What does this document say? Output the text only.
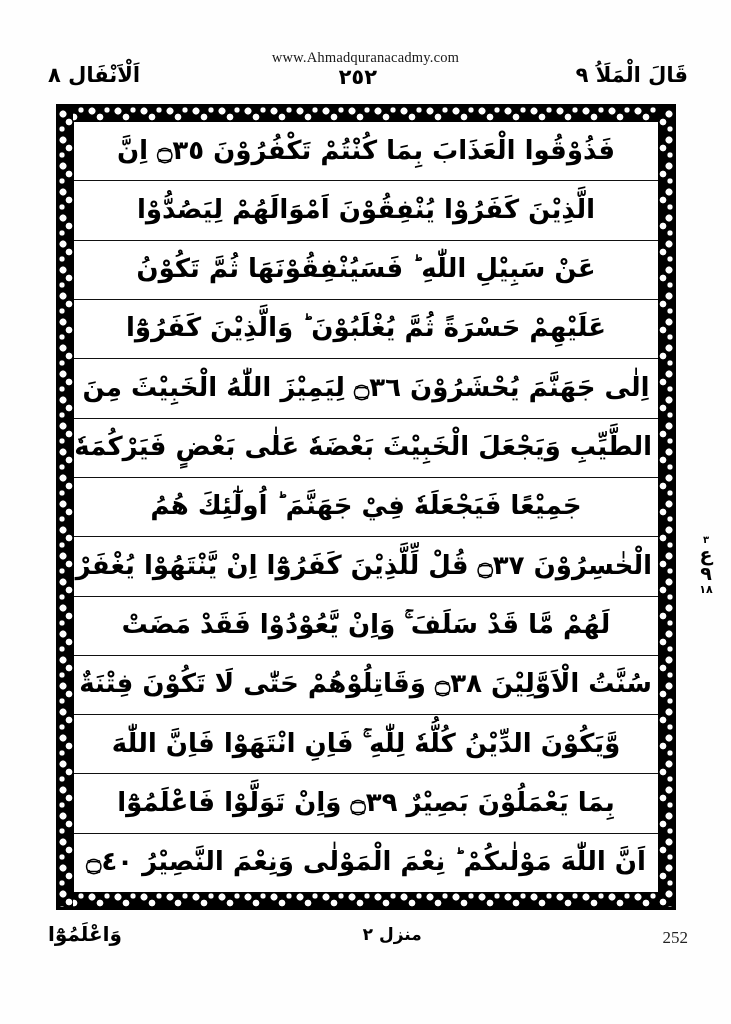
www.Ahmadquranacadmy.com
اَلْاَنْفَال ٨	٢٥٢	قَالَ الْمَلَاُ ٩
فَذُوْقُوا الْعَذَابَ بِمَا كُنْتُمْ تَكْفُرُوْنَ ۝٣٥ اِنَّ
الَّذِيْنَ كَفَرُوْا يُنْفِقُوْنَ اَمْوَالَهُمْ لِيَصُدُّوْا
عَنْ سَبِيْلِ اللّٰهِ ؕ فَسَيُنْفِقُوْنَهَا ثُمَّ تَكُوْنُ
عَلَيْهِمْ حَسْرَةً ثُمَّ يُغْلَبُوْنَ ؕ وَالَّذِيْنَ كَفَرُوْٓا
اِلٰى جَهَنَّمَ يُحْشَرُوْنَ ۝٣٦ لِيَمِيْزَ اللّٰهُ الْخَبِيْثَ مِنَ
الطَّيِّبِ وَيَجْعَلَ الْخَبِيْثَ بَعْضَهٗ عَلٰى بَعْضٍ فَيَرْكُمَهٗ
جَمِيْعًا فَيَجْعَلَهٗ فِيْ جَهَنَّمَ ؕ اُولٰٓئِكَ هُمُ
الْخٰسِرُوْنَ ۝٣٧ قُلْ لِّلَّذِيْنَ كَفَرُوْٓا اِنْ يَّنْتَهُوْا يُغْفَرْ
لَهُمْ مَّا قَدْ سَلَفَ ۚ وَاِنْ يَّعُوْدُوْا فَقَدْ مَضَتْ
سُنَّتُ الْاَوَّلِيْنَ ۝٣٨ وَقَاتِلُوْهُمْ حَتّٰى لَا تَكُوْنَ فِتْنَةٌ
وَّيَكُوْنَ الدِّيْنُ كُلُّهٗ لِلّٰهِ ۚ فَاِنِ انْتَهَوْا فَاِنَّ اللّٰهَ
بِمَا يَعْمَلُوْنَ بَصِيْرٌ ۝٣٩ وَاِنْ تَوَلَّوْا فَاعْلَمُوْٓا
اَنَّ اللّٰهَ مَوْلٰىكُمْ ؕ نِعْمَ الْمَوْلٰى وَنِعْمَ النَّصِيْرُ ۝٤٠
٣
ع
٩
١٨
وَاعْلَمُوْٓا	منزل ٢	252
